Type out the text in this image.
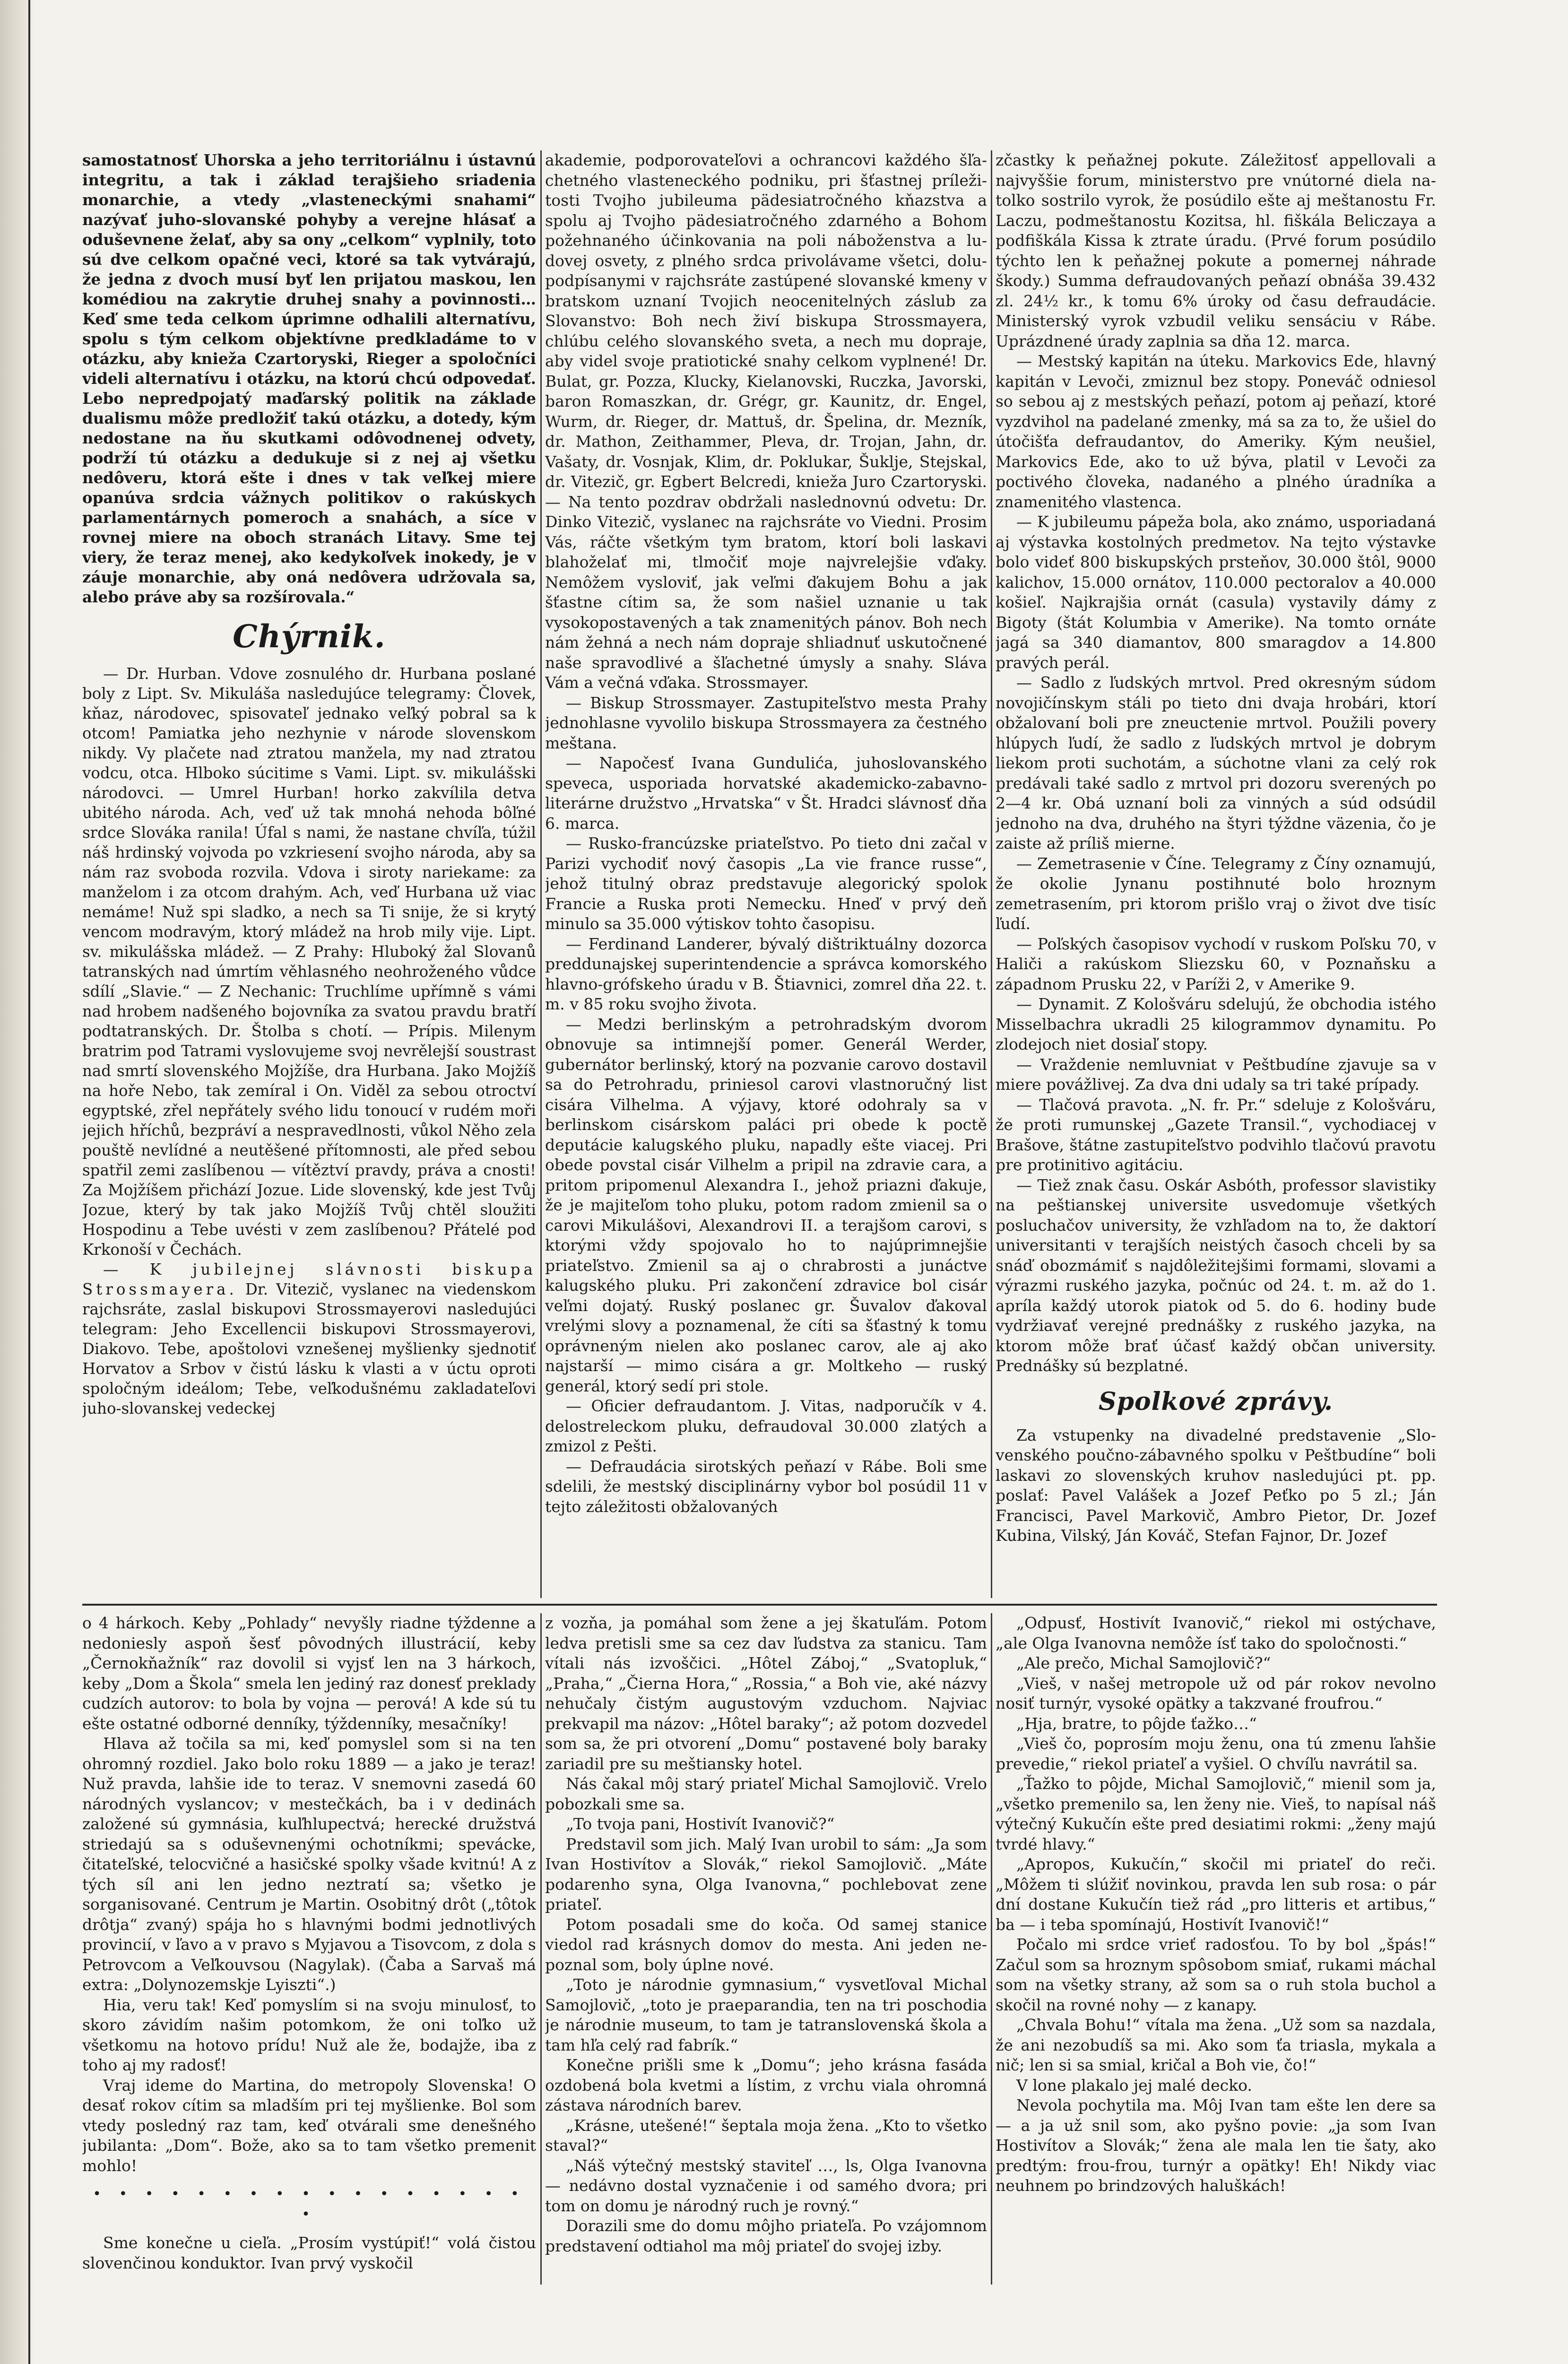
samostatnosť Uhorska a jeho territoriálnu i ústavnú integritu, a tak i základ terajšieho sriadenia monarchie, a vtedy „vlasteneckými snahami“ nazývať juho-slovanské pohyby a verejne hlásať a oduševnene želať, aby sa ony „celkom“ vyplnily, toto sú dve celkom opačné veci, ktoré sa tak vytvárajú, že jedna z dvoch musí byť len prijatou maskou, len komédiou na zakrytie druhej snahy a povinnosti… Keď sme teda celkom úprimne odhalili alternatívu, spolu s tým celkom objektívne predkladáme to v otázku, aby knieža Czartoryski, Rieger a spoločníci videli alternatívu i otázku, na ktorú chcú odpovedať. Lebo nepredpojatý maďarský politik na základe dualismu môže predložiť takú otázku, a dotedy, kým nedostane na ňu skutkami odôvodnenej odvety, podrží tú otázku a dedukuje si z nej aj všetku nedôveru, ktorá ešte i dnes v tak veľkej miere opanúva srdcia vážnych politikov o rakúskych parlamentárnych pomeroch a snahách, a síce v rovnej miere na oboch stranách Litavy. Sme tej viery, že teraz menej, ako kedykoľvek inokedy, je v záuje monarchie, aby oná nedôvera udržovala sa, alebo práve aby sa rozšírovala.“

Chýrnik.

— Dr. Hurban. Vdove zosnulého dr. Hurbana poslané boly z Lipt. Sv. Mikuláša nasledujúce telegramy: Človek, kňaz, národovec, spisovateľ jednako veľký pobral sa k otcom! Pamiatka jeho nezhynie v národe slovenskom nikdy. Vy plačete nad ztratou manžela, my nad ztratou vodcu, otca. Hlboko súcitime s Vami. Lipt. sv. mikulášski národovci. — Umrel Hurban! horko zakvílila detva ubitého národa. Ach, veď už tak mnohá nehoda bôľné srdce Slováka ranila! Úfal s nami, že nastane chvíľa, túžil náš hrdinský vojvoda po vzkriesení svojho národa, aby sa nám raz svoboda rozvila. Vdova i siroty nariekame: za manželom i za otcom drahým. Ach, veď Hurbana už viac nemáme! Nuž spi sladko, a nech sa Ti snije, že si krytý vencom modravým, ktorý mládež na hrob mily vije. Lipt. sv. mikulášska mládež. — Z Prahy: Hluboký žal Slovanů tatranských nad úmrtím věhlasného neohroženého vůdce sdílí „Slavie.“ — Z Nechanic: Truchlíme upřímně s vámi nad hrobem nadšeného bojovníka za svatou pravdu bratří podtatranských. Dr. Štolba s chotí. — Prípis. Milenym bratrim pod Tatrami vyslovujeme svoj nevrělejší soustrast nad smrtí slovenského Mojžíše, dra Hurbana. Jako Mojžíš na hoře Nebo, tak zemíral i On. Viděl za sebou otroctví egyptské, zřel nepřátely svého lidu tonoucí v rudém moři jejich hříchů, bezpráví a nespravedlnosti, vůkol Něho zela pouště nevlídné a neutěšené přítomnosti, ale před sebou spatřil zemi zaslíbenou — vítěztví pravdy, práva a cnosti! Za Mojžíšem přichází Jozue. Lide slovenský, kde jest Tvůj Jozue, který by tak jako Mojžíš Tvůj chtěl sloužiti Hospodinu a Tebe uvésti v zem zaslíbenou? Přátelé pod Krkonoší v Čechách.

— K jubilejnej slávnosti biskupa Strossmayera. Dr. Vitezič, vyslanec na viedenskom rajchsráte, zaslal biskupovi Strossmayerovi nasledujúci telegram: Jeho Excellencii biskupovi Strossmayerovi, Diakovo. Tebe, apoštolovi vznešenej myšlienky sjednotiť Horvatov a Srbov v čistú lásku k vlasti a v úctu oproti spoločným ideálom; Tebe, veľkodušnému zakladateľovi juho-slovanskej vedeckej

akademie, podporovateľovi a ochrancovi každého šľachetného vlasteneckého podniku, pri šťastnej príležitosti Tvojho jubileuma pädesiatročného kňazstva a spolu aj Tvojho pädesiatročného zdarného a Bohom požehnaného účinkovania na poli náboženstva a ludovej osvety, z plného srdca privolávame všetci, dolupodpísanymi v rajchsráte zastúpené slovanské kmeny v bratskom uznaní Tvojich neocenitelných záslub za Slovanstvo: Boh nech živí biskupa Strossmayera, chlúbu celého slovanského sveta, a nech mu dopraje, aby videl svoje pratiotické snahy celkom vyplnené! Dr. Bulat, gr. Pozza, Klucky, Kielanovski, Ruczka, Javorski, baron Romaszkan, dr. Grégr, gr. Kaunitz, dr. Engel, Wurm, dr. Rieger, dr. Mattuš, dr. Špelina, dr. Mezník, dr. Mathon, Zeithammer, Pleva, dr. Trojan, Jahn, dr. Vašaty, dr. Vosnjak, Klim, dr. Poklukar, Šuklje, Stejskal, dr. Vitezič, gr. Egbert Belcredi, knieža Juro Czartoryski. — Na tento pozdrav obdržali naslednovnú odvetu: Dr. Dinko Vitezič, vyslanec na rajchsráte vo Viedni. Prosim Vás, ráčte všetkým tym bratom, ktorí boli laskavi blahoželať mi, tlmočiť moje najvrelejšie vďaky. Nemôžem vysloviť, jak veľmi ďakujem Bohu a jak šťastne cítim sa, že som našiel uznanie u tak vysokopostavených a tak znamenitých pánov. Boh nech nám žehná a nech nám dopraje shliadnuť uskutočnené naše spravodlivé a šľachetné úmysly a snahy. Sláva Vám a večná vďaka. Strossmayer.

— Biskup Strossmayer. Zastupiteľstvo mesta Prahy jednohlasne vyvolilo biskupa Strossmayera za čestného meštana.

— Napočesť Ivana Gundulića, juhoslovanského speveca, usporiada horvatské akademicko-zabavno-literárne družstvo „Hrvatska“ v Št. Hradci slávnosť dňa 6. marca.

— Rusko-francúzske priateľstvo. Po tieto dni začal v Parizi vychodiť nový časopis „La vie france russe“, jehož titulný obraz predstavuje alegorický spolok Francie a Ruska proti Nemecku. Hneď v prvý deň minulo sa 35.000 výtiskov tohto časopisu.

— Ferdinand Landerer, bývalý dištriktuálny dozorca preddunajskej superintendencie a správca komorského hlavno-grófskeho úradu v B. Štiavnici, zomrel dňa 22. t. m. v 85 roku svojho života.

— Medzi berlinským a petrohradským dvorom obnovuje sa intimnejší pomer. Generál Werder, gubernátor berlinský, ktorý na pozvanie carovo dostavil sa do Petrohradu, priniesol carovi vlastnoručný list cisára Vilhelma. A výjavy, ktoré odohraly sa v berlinskom cisárskom paláci pri obede k poctě deputácie kalugského pluku, napadly ešte viacej. Pri obede povstal cisár Vilhelm a pripil na zdravie cara, a pritom pripomenul Alexandra I., jehož priazni ďakuje, že je majiteľom toho pluku, potom radom zmienil sa o carovi Mikulášovi, Alexandrovi II. a terajšom carovi, s ktorými vždy spojovalo ho to najúprimnejšie priateľstvo. Zmienil sa aj o chrabrosti a junáctve kalugského pluku. Pri zakončení zdravice bol cisár veľmi dojatý. Ruský poslanec gr. Šuvalov ďakoval vrelými slovy a poznamenal, že cíti sa šťastný k tomu oprávneným nielen ako poslanec carov, ale aj ako najstarší — mimo cisára a gr. Moltkeho — ruský generál, ktorý sedí pri stole.

— Oficier defraudantom. J. Vitas, nadporučík v 4. delostreleckom pluku, defraudoval 30.000 zlatých a zmizol z Pešti.

— Defraudácia sirotských peňazí v Rábe. Boli sme sdelili, že mestský disciplinárny vybor bol posúdil 11 v tejto záležitosti obžalovaných

zčastky k peňažnej pokute. Záležitosť appellovali a najvyššie forum, ministerstvo pre vnútorné diela natolko sostrilo vyrok, že posúdilo ešte aj meštanostu Fr. Laczu, podmeštanostu Kozitsa, hl. fiškála Beliczaya a podfiškála Kissa k ztrate úradu. (Prvé forum posúdilo týchto len k peňažnej pokute a pomernej náhrade škody.) Summa defraudovaných peňazí obnáša 39.432 zl. 24½ kr., k tomu 6% úroky od času defraudácie. Ministerský vyrok vzbudil veliku sensáciu v Rábe. Uprázdnené úrady zaplnia sa dňa 12. marca.

— Mestský kapitán na úteku. Markovics Ede, hlavný kapitán v Levoči, zmiznul bez stopy. Poneváč odniesol so sebou aj z mestských peňazí, potom aj peňazí, ktoré vyzdvihol na padelané zmenky, má sa za to, že ušiel do útočišťa defraudantov, do Ameriky. Kým neušiel, Markovics Ede, ako to už býva, platil v Levoči za poctivého človeka, nadaného a plného úradníka a znamenitého vlastenca.

— K jubileumu pápeža bola, ako známo, usporiadaná aj výstavka kostolných predmetov. Na tejto výstavke bolo videť 800 biskupských prsteňov, 30.000 štôl, 9000 kalichov, 15.000 ornátov, 110.000 pectoralov a 40.000 košieľ. Najkrajšia ornát (casula) vystavily dámy z Bigoty (štát Kolumbia v Amerike). Na tomto ornáte jagá sa 340 diamantov, 800 smaragdov a 14.800 pravých perál.

— Sadlo z ľudských mrtvol. Pred okresným súdom novojičínskym stáli po tieto dni dvaja hrobári, ktorí obžalovaní boli pre zneuctenie mrtvol. Použili povery hlúpych ľudí, že sadlo z ľudských mrtvol je dobrym liekom proti suchotám, a súchotne vlani za celý rok predávali také sadlo z mrtvol pri dozoru sverených po 2—4 kr. Obá uznaní boli za vinných a súd odsúdil jednoho na dva, druhého na štyri týždne väzenia, čo je zaiste až príliš mierne.

— Zemetrasenie v Číne. Telegramy z Číny oznamujú, že okolie Jynanu postihnuté bolo hroznym zemetrasením, pri ktorom prišlo vraj o život dve tisíc ľudí.

— Poľských časopisov vychodí v ruskom Poľsku 70, v Haliči a rakúskom Sliezsku 60, v Poznaňsku a západnom Prusku 22, v Paríži 2, v Amerike 9.

— Dynamit. Z Kološváru sdelujú, že obchodia istého Misselbachra ukradli 25 kilogrammov dynamitu. Po zlodejoch niet dosiaľ stopy.

— Vraždenie nemluvniat v Peštbudíne zjavuje sa v miere povážlivej. Za dva dni udaly sa tri také prípady.

— Tlačová pravota. „N. fr. Pr.“ sdeluje z Kološváru, že proti rumunskej „Gazete Transil.“, vychodiacej v Brašove, štátne zastupiteľstvo podvihlo tlačovú pravotu pre protinitivo agitáciu.

— Tiež znak času. Oskár Asbóth, professor slavistiky na peštianskej universite usvedomuje všetkých posluchačov university, že vzhľadom na to, že daktorí universitanti v terajších neistých časoch chceli by sa snáď obozmámiť s najdôležitejšimi formami, slovami a výrazmi ruského jazyka, počnúc od 24. t. m. až do 1. apríla každý utorok piatok od 5. do 6. hodiny bude vydržiavať verejné prednášky z ruského jazyka, na ktorom môže brať účasť každý občan university. Prednášky sú bezplatné.

Spolkové zprávy.

Za vstupenky na divadelné predstavenie „Slovenského poučno-zábavného spolku v Peštbudíne“ boli laskavi zo slovenských kruhov nasledujúci pt. pp. poslať: Pavel Valášek a Jozef Peťko po 5 zl.; Ján Francisci, Pavel Markovič, Ambro Pietor, Dr. Jozef Kubina, Vilský, Ján Kováč, Stefan Fajnor, Dr. Jozef

o 4 hárkoch. Keby „Pohlady“ nevyšly riadne týždenne a nedoniesly aspoň šesť pôvodných illustrácií, keby „Černokňažník“ raz dovolil si vyjsť len na 3 hárkoch, keby „Dom a Škola“ smela len jediný raz donesť preklady cudzích autorov: to bola by vojna — perová! A kde sú tu ešte ostatné odborné denníky, týždenníky, mesačníky!

Hlava až točila sa mi, keď pomyslel som si na ten ohromný rozdiel. Jako bolo roku 1889 — a jako je teraz! Nuž pravda, lahšie ide to teraz. V snemovni zasedá 60 národných vyslancov; v mestečkách, ba i v dedinách založené sú gymnásia, kuľhlupectvá; herecké družstvá striedajú sa s oduševnenými ochotníkmi; spevácke, čitateľské, telocvičné a hasičské spolky všade kvitnú! A z tých síl ani len jedno neztratí sa; všetko je sorganisované. Centrum je Martin. Osobitný drôt („tôtok drôtja“ zvaný) spája ho s hlavnými bodmi jednotlivých provincií, v ľavo a v pravo s Myjavou a Tisovcom, z dola s Petrovcom a Veľkouvsou (Nagylak). (Čaba a Sarvaš má extra: „Dolynozemskje Lyiszti“.)

Hia, veru tak! Keď pomyslím si na svoju minulosť, to skoro závidím našim potomkom, že oni toľko už všetkomu na hotovo prídu! Nuž ale že, bodajže, iba z toho aj my radosť!

Vraj ideme do Martina, do metropoly Slovenska! O desať rokov cítim sa mladším pri tej myšlienke. Bol som vtedy posledný raz tam, keď otvárali sme denešného jubilanta: „Dom“. Bože, ako sa to tam všetko premenit mohlo!

• • • • • • • • • • • • • • • • • •

Sme konečne u cieľa. „Prosím vystúpiť!“ volá čistou slovenčinou konduktor. Ivan prvý vyskočil

z vozňa, ja pomáhal som žene a jej škatuľám. Potom ledva pretisli sme sa cez dav ľudstva za stanicu. Tam vítali nás izvoščici. „Hôtel Záboj,“ „Svatopluk,“ „Praha,“ „Čierna Hora,“ „Rossia,“ a Boh vie, aké názvy nehučaly čistým augustovým vzduchom. Najviac prekvapil ma názov: „Hôtel baraky“; až potom dozvedel som sa, že pri otvorení „Domu“ postavené boly baraky zariadil pre su meštiansky hotel.

Nás čakal môj starý priateľ Michal Samojlovič. Vrelo pobozkali sme sa.

„To tvoja pani, Hostivít Ivanovič?“

Predstavil som jich. Malý Ivan urobil to sám: „Ja som Ivan Hostivítov a Slovák,“ riekol Samojlovič. „Máte podarenho syna, Olga Ivanovna,“ pochlebovat zene priateľ.

Potom posadali sme do koča. Od samej stanice viedol rad krásnych domov do mesta. Ani jeden nepoznal som, boly úplne nové.

„Toto je národnie gymnasium,“ vysvetľoval Michal Samojlovič, „toto je praeparandia, ten na tri poschodia je národnie museum, to tam je tatranslovenská škola a tam hľa celý rad fabrík.“

Konečne prišli sme k „Domu“; jeho krásna fasáda ozdobená bola kvetmi a lístim, z vrchu viala ohromná zástava národních barev.

„Krásne, utešené!“ šeptala moja žena. „Kto to všetko staval?“

„Náš výtečný mestský staviteľ …, ls, Olga Ivanovna — nedávno dostal vyznačenie i od samého dvora; pri tom on domu je národný ruch je rovný.“

Dorazili sme do domu môjho priateľa. Po vzájomnom predstavení odtiahol ma môj priateľ do svojej izby.

„Odpusť, Hostivít Ivanovič,“ riekol mi ostýchave, „ale Olga Ivanovna nemôže ísť tako do spoločnosti.“

„Ale prečo, Michal Samojlovič?“

„Vieš, v našej metropole už od pár rokov nevolno nosiť turnýr, vysoké opätky a takzvané froufrou.“

„Hja, bratre, to pôjde ťažko…“

„Vieš čo, poprosím moju ženu, ona tú zmenu ľahšie prevedie,“ riekol priateľ a vyšiel. O chvíľu navrátil sa.

„Ťažko to pôjde, Michal Samojlovič,“ mienil som ja, „všetko premenilo sa, len ženy nie. Vieš, to napísal náš výtečný Kukučín ešte pred desiatimi rokmi: „ženy majú tvrdé hlavy.“

„Apropos, Kukučín,“ skočil mi priateľ do reči. „Môžem ti slúžiť novinkou, pravda len sub rosa: o pár dní dostane Kukučín tiež rád „pro litteris et artibus,“ ba — i teba spomínajú, Hostivít Ivanovič!“

Počalo mi srdce vrieť radosťou. To by bol „špás!“ Začul som sa hroznym spôsobom smiať, rukami máchal som na všetky strany, až som sa o ruh stola buchol a skočil na rovné nohy — z kanapy.

„Chvala Bohu!“ vítala ma žena. „Už som sa nazdala, že ani nezobudíš sa mi. Ako som ťa triasla, mykala a nič; len si sa smial, kričal a Boh vie, čo!“

V lone plakalo jej malé decko.

Nevola pochytila ma. Môj Ivan tam ešte len dere sa — a ja už snil som, ako pyšno povie: „ja som Ivan Hostivítov a Slovák;“ žena ale mala len tie šaty, ako predtým: frou-frou, turnýr a opätky! Eh! Nikdy viac neuhnem po brindzových haluškách!
